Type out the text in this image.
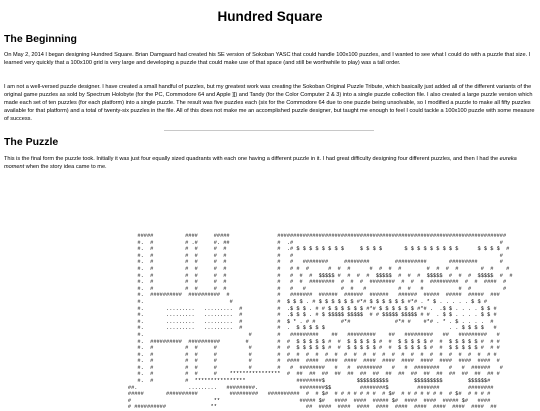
Hundred Square
The Beginning

On May 2, 2014 I began designing Hundred Square. Brian Damgaard had created his SE version of Sokoban YASC that could handle 100x100 puzzles, and I wanted to see what I could do with a puzzle that size. I learned very quickly that a 100x100 grid is very large and developing a puzzle that could make use of that space (and still be worthwhile to play) was a tall order.

I am not a well-versed puzzle designer. I have created a small handful of puzzles, but my greatest work was creating the Sokoban Original Puzzle Tribute, which basically just added all of the different variants of the original game puzzles as sold by Spectrum Holobyte (for the PC, Commodore 64 and Apple ][) and Tandy (for the Color Computer 2 & 3) into a single puzzle collection file. I also created a large puzzle version which made each set of ten puzzles (for each platform) into a single puzzle. The result was five puzzles each (six for the Commodore 64 due to one puzzle being unsolvable, so I modified a puzzle to make all fifty puzzles available for that platform) and a total of twenty-six puzzles in the file. All of this does not make me an accomplished puzzle designer, but taught me enough to feel I could tackle a 100x100 puzzle with some measure of success.

The Puzzle

This is the final form the puzzle took. Initially it was just four equally sized quadrants with each one having a different puzzle in it. I had great difficulty designing four different puzzles, and then I had the eureka moment when the story idea came to me.

#####          ####     #####               ########################################################################
#.  #          # .#     #. ##               #  .#                                                                 #
#.  #          #  #     #  #                #  .# $ $ $ $ $ $ $ $     $ $ $ $       $ $ $ $ $ $ $ $ $      $ $ $ $  #
#.  #          #  #     #  #                #   #                                                                 #
#.  #          #  #     #  #                #   #   ########     ########        ##########       #########       #
#.  #          #  #     #  #                #   # #  #      #  #  #      #  #  #  #        #  #  #  #       #  #    #
#.  #          #  #     #  #                #   #  #  #  $$$$$ #  #  #  #  $$$$$  #  #  #  $$$$$  #  #  #  $$$$$  #  #
#.  #          #  #     #  #                #   #  #  ########  #  #  #  ########  #  #  #  #########  #  #  ####  #
#.  #          #  #     #  #                #   #   #           #  #   #          #  #   #           #  #          #
#.  ##########  ##########  #               #   #######  ######  ######  ######   ######  #####  #####  #####  ###
#.                           #              #  $ $ $ . # $ $ $ $ $ $ #*# $ $ $ $ $ $ #*# . * $ . . . . . $ $ #
#.       .........   .........  #           #  .$ $ $ . # # $ $ $ $ $ $ #*# $ $ $ $ $ $ #*# .  .$ $ . . . . $ $ #
#.       .........   .........  #           #  .$ $ $ . # $ $$$$$ $$$$$  # # $$$$$ $$$$$ # #  . $ $ . . . . $ $ #
#.       .........   .........  #           #  $ * . # #        #*#              #*# #    #*# . * . $ . . . .  #
#.       .........   .........  #           #  .  $ $ $ $ $                                       . . $ $ $ $   #
#.                                 #        #   #########    ##   #########    ##   #########   ##   #########   #
#.  ##########  ##########        #         #  #  $ $ $ $ $ #  #  $ $ $ $ $ #  #  $ $ $ $ $ #  #  $ $ $ $ $ #  # #
#.  #          #  #     #          #        #  #  $ $ $ $ $ #  #  $ $ $ $ $ #  #  $ $ $ $ $ #  #  $ $ $ $ $ #  # #
#.  #          #  #     #          #        #  #  #  #  #  #  #  #  #  #  #  #  #  #  #  #  #  #  #  #  #  #  # #
#.  #          #  #     #          #        #  ####  ####  ####  ####  ####  ####  ####  ####  ####  ####  ####  #
#.  #          #  #     #          #        #   #  ########   #   #  ########   #   #  ########   #   #  ######   #
#.  #          #  #     #    ****************  #  ##  ##  ##  ##  ##  ##  ##  ##  ##  ##  ##  ##  ##  ##  ##  ## #
#.  #          #  ****************                ########$          $$$$$$$$$$        $$$$$$$$$        $$$$$$#
##.                .........   #########.             ########$$         ########$         #######         ########
#####       ##########          #########   ##########  #  # $#  # # # # # # #  # $#  # # # # # # #  # $#  # # # #
#                          **                         ##### $#   ####  ####  ##### $#  ####  ####  ##### $#   ####
# ##########              **                            ##  ####  ####  ####  ####  ####  ####  ####  ####  ####  ##
